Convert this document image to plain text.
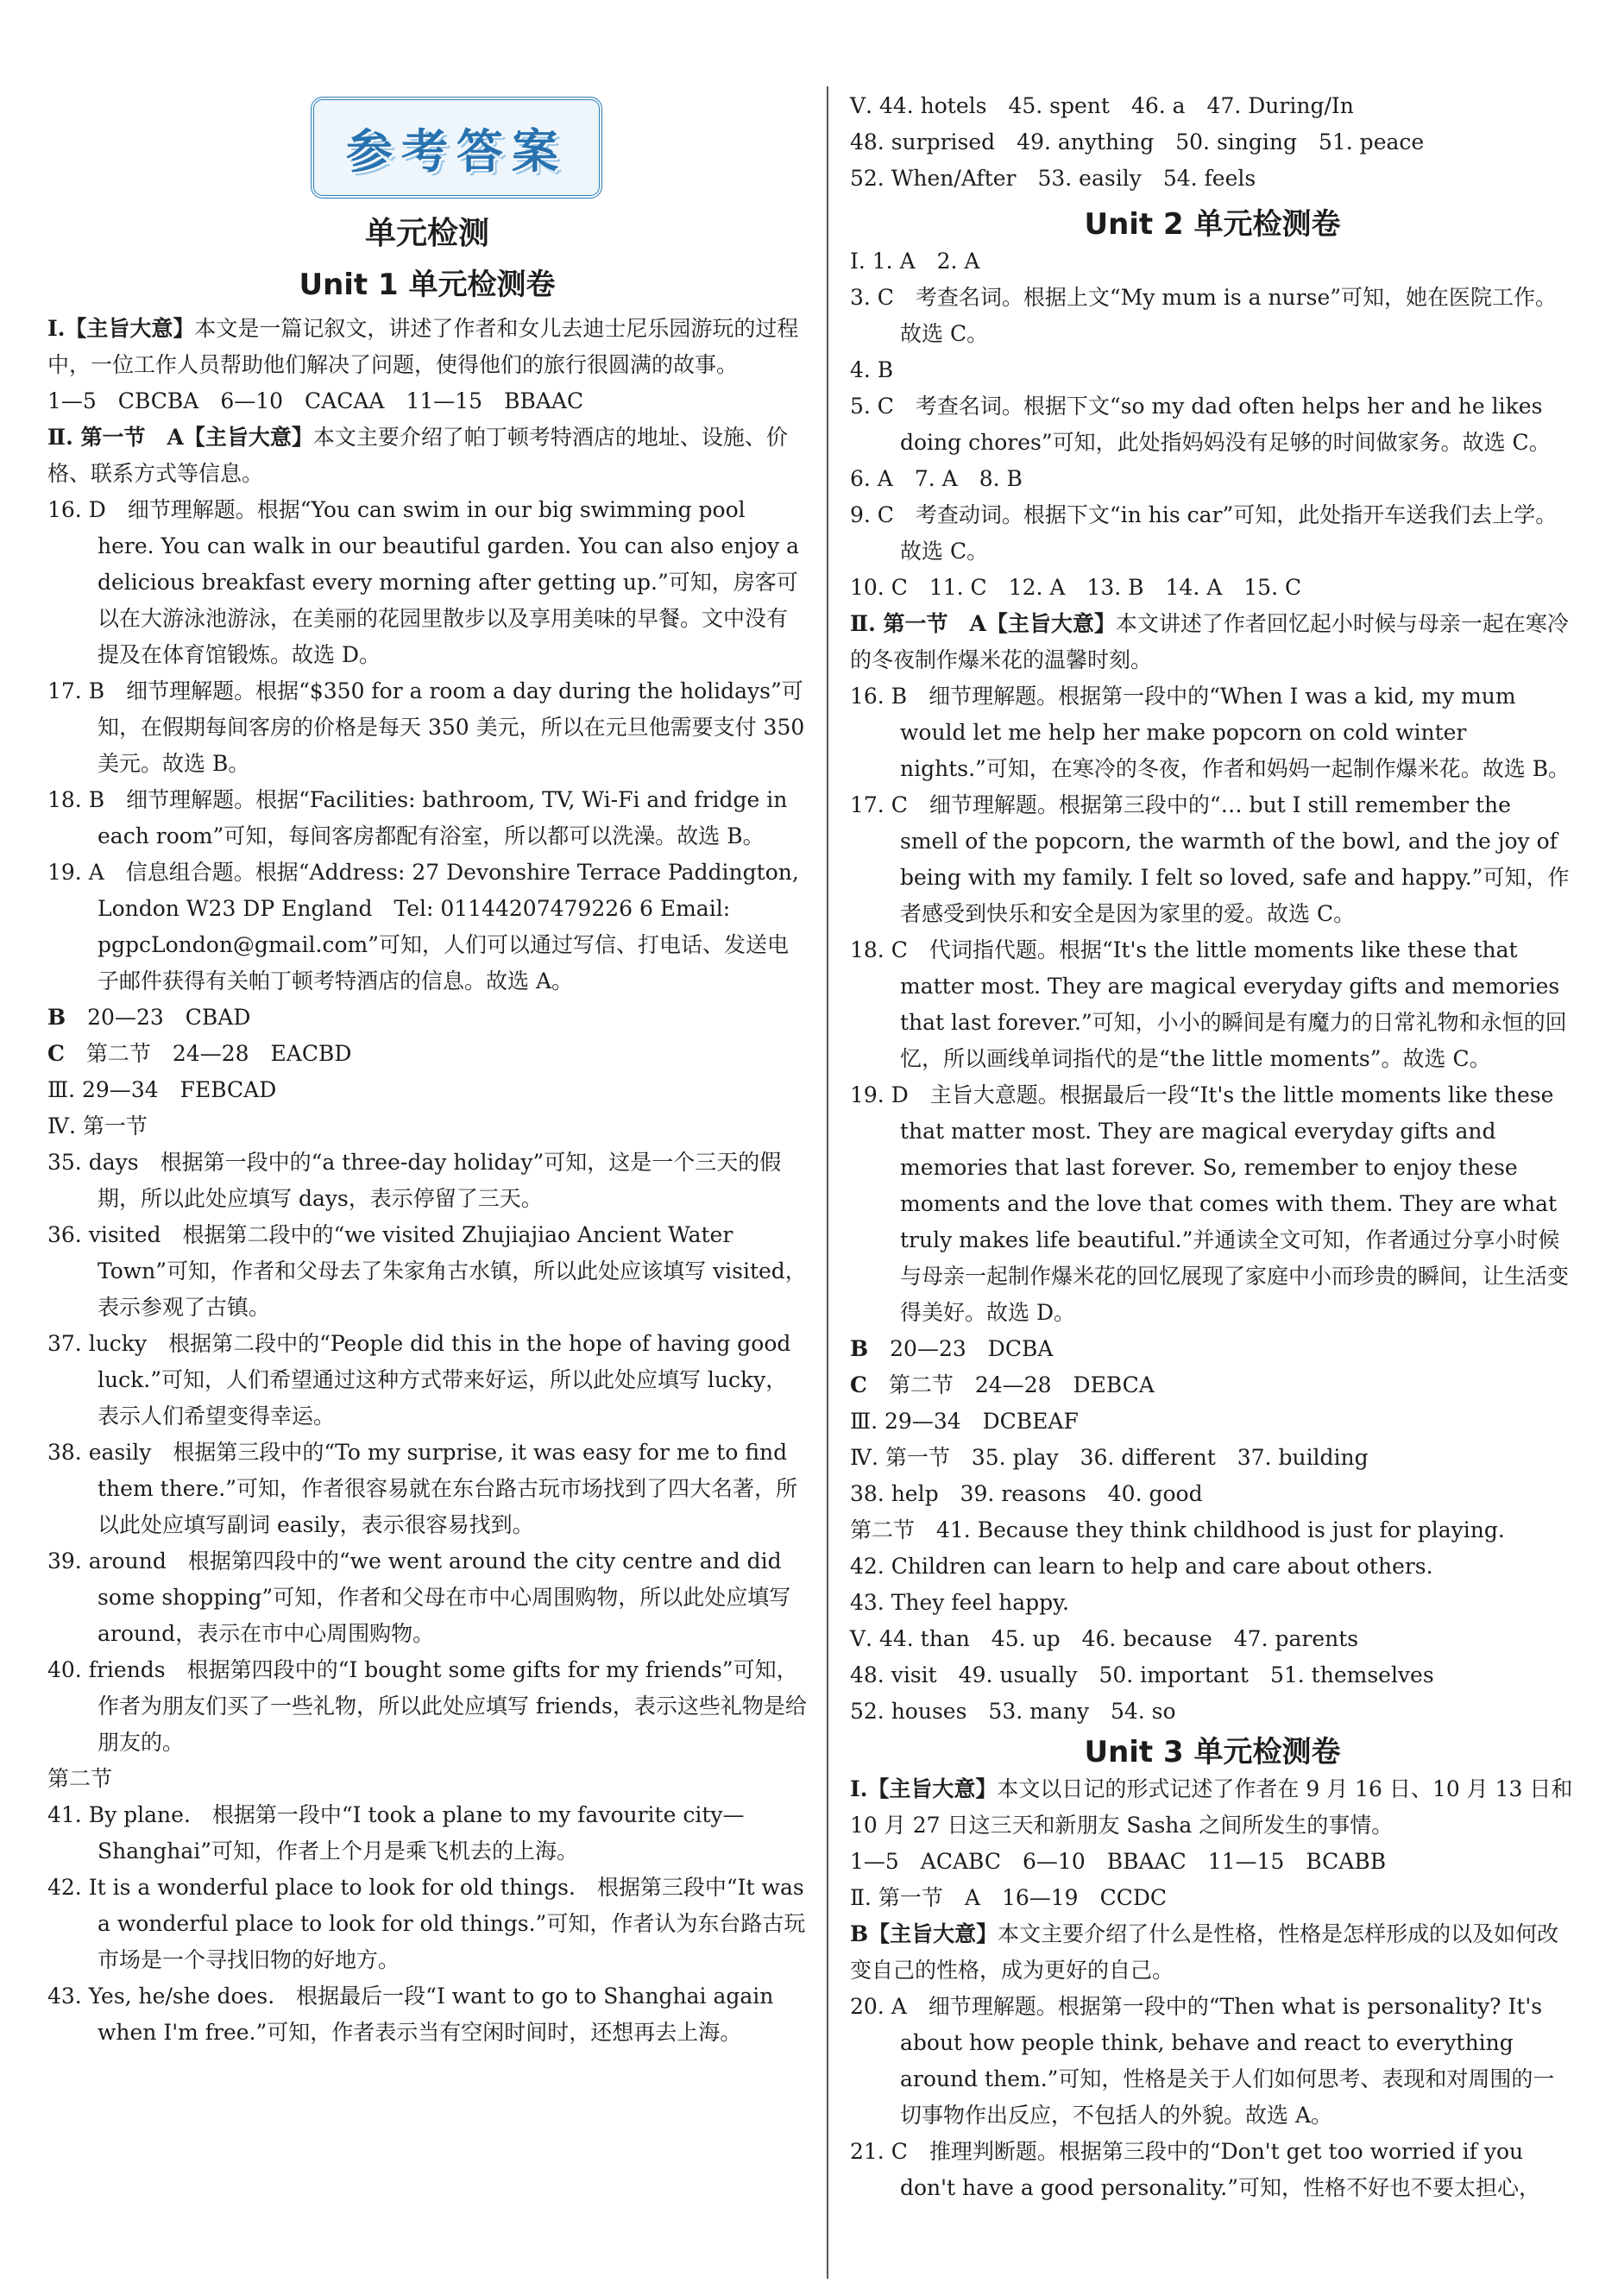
参考答案

单元检测

Unit 1 单元检测卷

Ⅰ.【主旨大意】本文是一篇记叙文，讲述了作者和女儿去迪士尼乐园游玩的过程中，一位工作人员帮助他们解决了问题，使得他们的旅行很圆满的故事。

1—5　CBCBA　6—10　CACAA　11—15　BBAAC

Ⅱ. 第一节　A【主旨大意】本文主要介绍了帕丁顿考特酒店的地址、设施、价格、联系方式等信息。

16. D　细节理解题。根据“You can swim in our big swimming pool here. You can walk in our beautiful garden. You can also enjoy a delicious breakfast every morning after getting up.”可知，房客可以在大游泳池游泳，在美丽的花园里散步以及享用美味的早餐。文中没有提及在体育馆锻炼。故选 D。

17. B　细节理解题。根据“$350 for a room a day during the holidays”可知，在假期每间客房的价格是每天 350 美元，所以在元旦他需要支付 350 美元。故选 B。

18. B　细节理解题。根据“Facilities: bathroom, TV, Wi-Fi and fridge in each room”可知，每间客房都配有浴室，所以都可以洗澡。故选 B。

19. A　信息组合题。根据“Address: 27 Devonshire Terrace Paddington, London W23 DP England　Tel: 01144207479226 6 Email: pgpcLondon@gmail.com”可知，人们可以通过写信、打电话、发送电子邮件获得有关帕丁顿考特酒店的信息。故选 A。

B　 20—23　CBAD

C　 第二节　24—28　EACBD

Ⅲ. 29—34　FEBCAD

Ⅳ. 第一节

35. days　根据第一段中的“a three-day holiday”可知，这是一个三天的假期，所以此处应填写 days，表示停留了三天。

36. visited　根据第二段中的“we visited Zhujiajiao Ancient Water Town”可知，作者和父母去了朱家角古水镇，所以此处应该填写 visited，表示参观了古镇。

37. lucky　根据第二段中的“People did this in the hope of having good luck.”可知，人们希望通过这种方式带来好运，所以此处应填写 lucky，表示人们希望变得幸运。

38. easily　根据第三段中的“To my surprise, it was easy for me to find them there.”可知，作者很容易就在东台路古玩市场找到了四大名著，所以此处应填写副词 easily，表示很容易找到。

39. around　根据第四段中的“we went around the city centre and did some shopping”可知，作者和父母在市中心周围购物，所以此处应填写 around，表示在市中心周围购物。

40. friends　根据第四段中的“I bought some gifts for my friends”可知，作者为朋友们买了一些礼物，所以此处应填写 friends，表示这些礼物是给朋友的。

第二节

41. By plane.　根据第一段中“I took a plane to my favourite city—Shanghai”可知，作者上个月是乘飞机去的上海。

42. It is a wonderful place to look for old things.　根据第三段中“It was a wonderful place to look for old things.”可知，作者认为东台路古玩市场是一个寻找旧物的好地方。

43. Yes, he/she does.　根据最后一段“I want to go to Shanghai again when I'm free.”可知，作者表示当有空闲时间时，还想再去上海。

Ⅴ. 44. hotels　45. spent　46. a　47. During/In

48. surprised　49. anything　50. singing　51. peace

52. When/After　53. easily　54. feels

Unit 2 单元检测卷

Ⅰ. 1. A　2. A

3. C　考查名词。根据上文“My mum is a nurse”可知，她在医院工作。故选 C。

4. B

5. C　考查名词。根据下文“so my dad often helps her and he likes doing chores”可知，此处指妈妈没有足够的时间做家务。故选 C。

6. A　7. A　8. B

9. C　考查动词。根据下文“in his car”可知，此处指开车送我们去上学。故选 C。

10. C　11. C　12. A　13. B　14. A　15. C

Ⅱ. 第一节　A【主旨大意】本文讲述了作者回忆起小时候与母亲一起在寒冷的冬夜制作爆米花的温馨时刻。

16. B　细节理解题。根据第一段中的“When I was a kid, my mum would let me help her make popcorn on cold winter nights.”可知，在寒冷的冬夜，作者和妈妈一起制作爆米花。故选 B。

17. C　细节理解题。根据第三段中的“… but I still remember the smell of the popcorn, the warmth of the bowl, and the joy of being with my family. I felt so loved, safe and happy.”可知，作者感受到快乐和安全是因为家里的爱。故选 C。

18. C　代词指代题。根据“It's the little moments like these that matter most. They are magical everyday gifts and memories that last forever.”可知，小小的瞬间是有魔力的日常礼物和永恒的回忆，所以画线单词指代的是“the little moments”。故选 C。

19. D　主旨大意题。根据最后一段“It's the little moments like these that matter most. They are magical everyday gifts and memories that last forever. So, remember to enjoy these moments and the love that comes with them. They are what truly makes life beautiful.”并通读全文可知，作者通过分享小时候与母亲一起制作爆米花的回忆展现了家庭中小而珍贵的瞬间，让生活变得美好。故选 D。

B　 20—23　DCBA

C　 第二节　24—28　DEBCA

Ⅲ. 29—34　DCBEAF

Ⅳ. 第一节　35. play　36. different　37. building

38. help　39. reasons　40. good

第二节　41. Because they think childhood is just for playing.

42. Children can learn to help and care about others.

43. They feel happy.

Ⅴ. 44. than　45. up　46. because　47. parents

48. visit　49. usually　50. important　51. themselves

52. houses　53. many　54. so

Unit 3 单元检测卷

Ⅰ.【主旨大意】本文以日记的形式记述了作者在 9 月 16 日、10 月 13 日和 10 月 27 日这三天和新朋友 Sasha 之间所发生的事情。

1—5　ACABC　6—10　BBAAC　11—15　BCABB

Ⅱ. 第一节　A　16—19　CCDC

B【主旨大意】本文主要介绍了什么是性格，性格是怎样形成的以及如何改变自己的性格，成为更好的自己。

20. A　细节理解题。根据第一段中的“Then what is personality? It's about how people think, behave and react to everything around them.”可知，性格是关于人们如何思考、表现和对周围的一切事物作出反应，不包括人的外貌。故选 A。

21. C　推理判断题。根据第三段中的“Don't get too worried if you don't have a good personality.”可知，性格不好也不要太担心，
